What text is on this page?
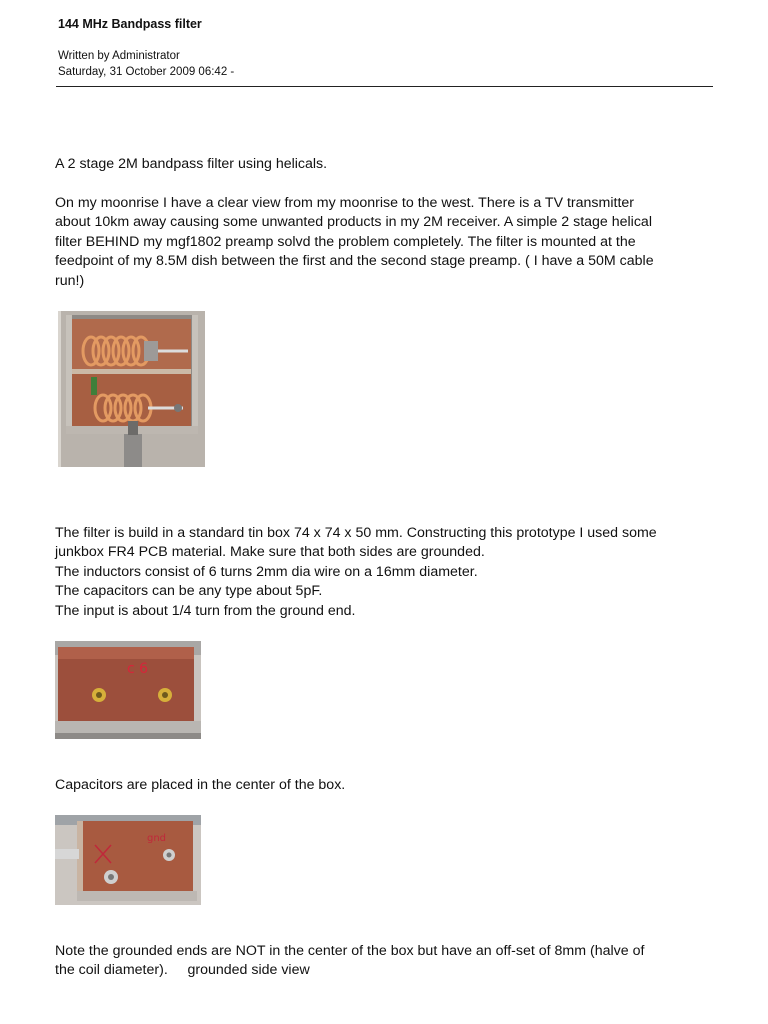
144 MHz Bandpass filter
Written by Administrator
Saturday, 31 October 2009 06:42 -
A 2 stage 2M bandpass filter using helicals.
On my moonrise I have a clear view from my moonrise to the west. There is a TV transmitter
about 10km away causing some unwanted products in my 2M receiver. A simple 2 stage helical
filter BEHIND my mgf1802 preamp solvd the problem completely. The filter is mounted at the
feedpoint of my 8.5M dish between the first and the second stage preamp. ( I have a 50M cable
run!)
The filter is build in a standard tin box 74 x 74 x 50 mm. Constructing this prototype I used some
junkbox FR4 PCB material. Make sure that both sides are grounded.
The inductors consist of 6 turns 2mm dia wire on a 16mm diameter.
The capacitors can be any type about 5pF.
The input is about 1/4 turn from the ground end.
c 6
Capacitors are placed in the center of the box.
gnd
Note the grounded ends are NOT in the center of the box but have an off-set of 8mm (halve of
the coil diameter).     grounded side view
